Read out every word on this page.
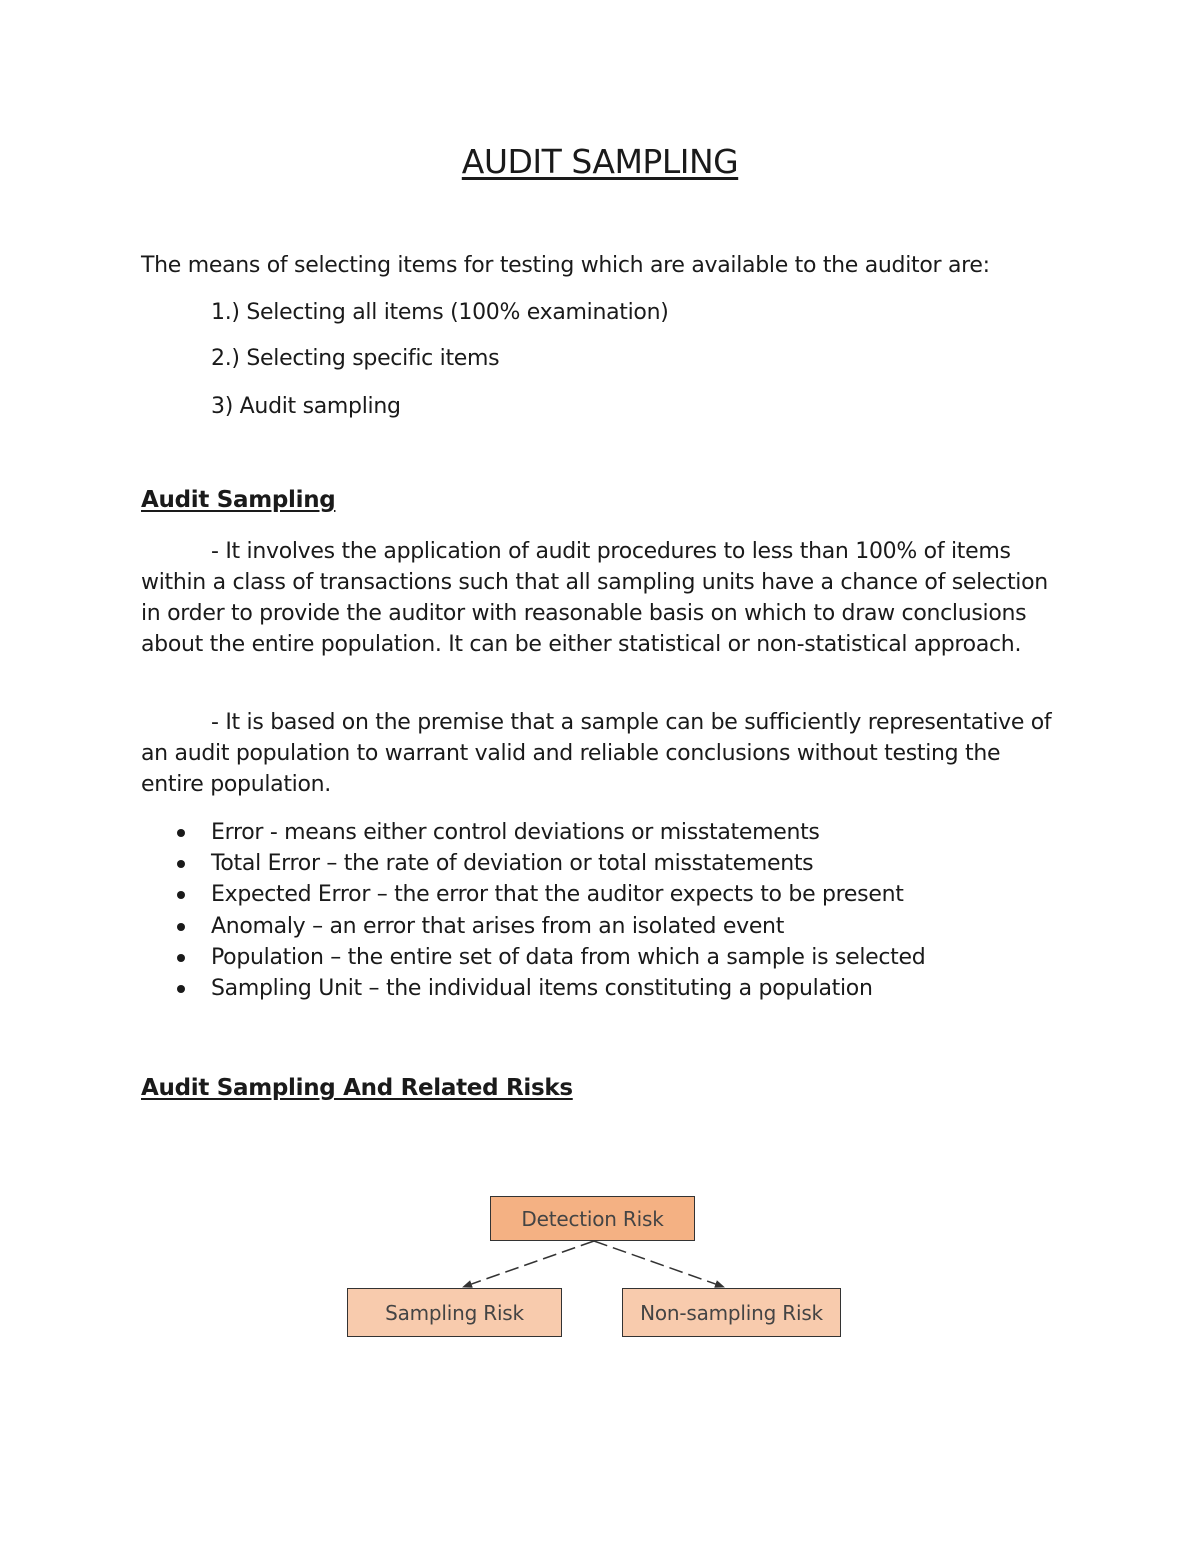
AUDIT SAMPLING

The means of selecting items for testing which are available to the auditor are:

1.) Selecting all items (100% examination)

2.) Selecting specific items

3) Audit sampling

Audit Sampling

- It involves the application of audit procedures to less than 100% of items within a class of transactions such that all sampling units have a chance of selection in order to provide the auditor with reasonable basis on which to draw conclusions about the entire population. It can be either statistical or non-statistical approach.

- It is based on the premise that a sample can be sufficiently representative of an audit population to warrant valid and reliable conclusions without testing the entire population.

Error - means either control deviations or misstatements
Total Error – the rate of deviation or total misstatements
Expected Error – the error that the auditor expects to be present
Anomaly – an error that arises from an isolated event
Population – the entire set of data from which a sample is selected
Sampling Unit – the individual items constituting a population
Audit Sampling And Related Risks
Detection Risk
Sampling Risk	Non-sampling Risk
